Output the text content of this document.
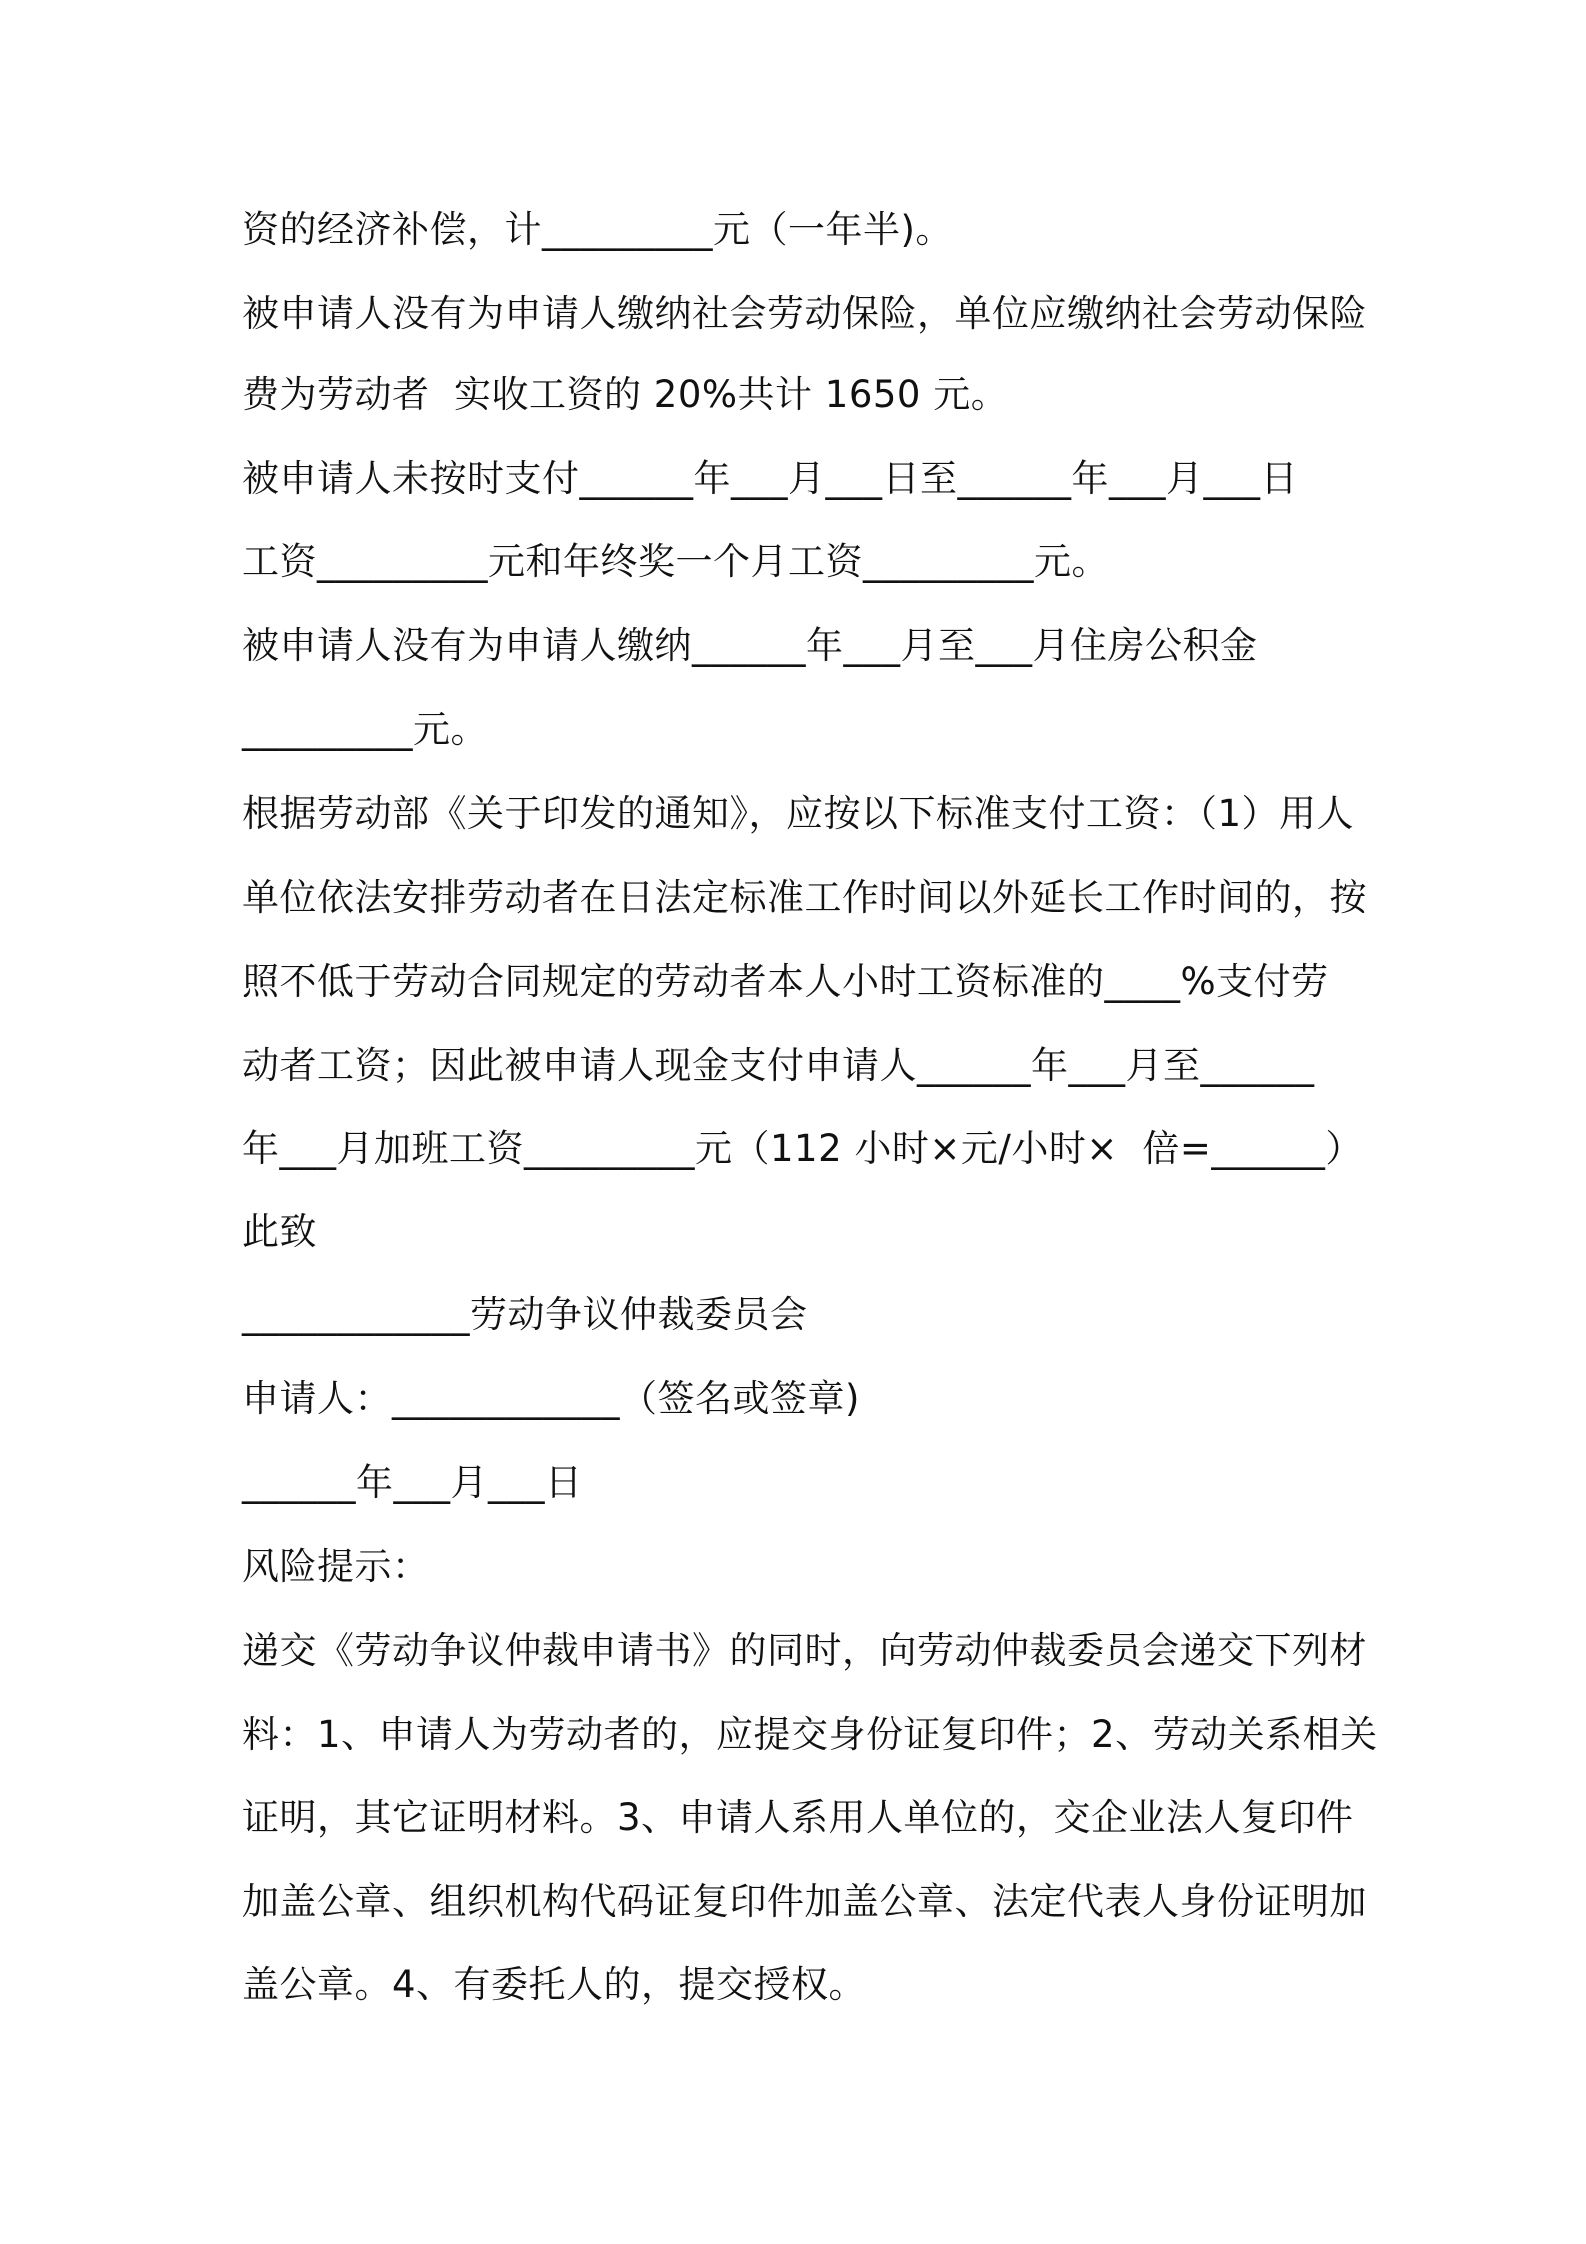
资的经济补偿，计_________元（一年半)。
被申请人没有为申请人缴纳社会劳动保险，单位应缴纳社会劳动保险
费为劳动者  实收工资的 20%共计 1650 元。
被申请人未按时支付______年___月___日至______年___月___日
工资_________元和年终奖一个月工资_________元。
被申请人没有为申请人缴纳______年___月至___月住房公积金
_________元。
根据劳动部《关于印发的通知》，应按以下标准支付工资：（1）用人
单位依法安排劳动者在日法定标准工作时间以外延长工作时间的，按
照不低于劳动合同规定的劳动者本人小时工资标准的____%支付劳
动者工资；因此被申请人现金支付申请人______年___月至______
年___月加班工资_________元（112 小时×元/小时×  倍=______）
此致
____________劳动争议仲裁委员会
申请人：____________（签名或签章)
______年___月___日
风险提示：
递交《劳动争议仲裁申请书》的同时，向劳动仲裁委员会递交下列材
料：1、申请人为劳动者的，应提交身份证复印件；2、劳动关系相关
证明，其它证明材料。3、申请人系用人单位的，交企业法人复印件
加盖公章、组织机构代码证复印件加盖公章、法定代表人身份证明加
盖公章。4、有委托人的，提交授权。
